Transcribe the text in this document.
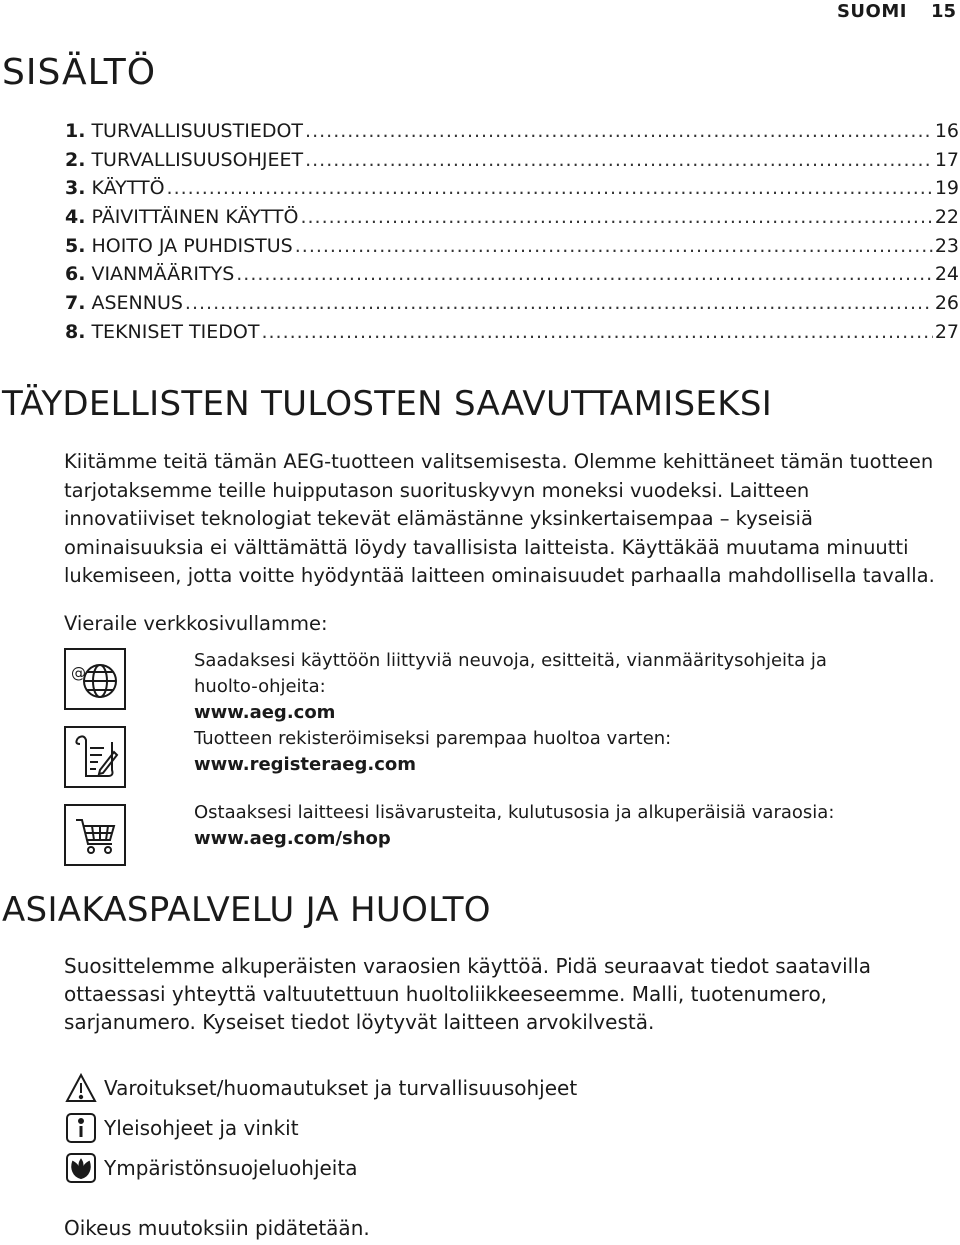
SUOMI 15
SISÄLTÖ
1. TURVALLISUUSTIEDOT .....	16
2. TURVALLISUUSOHJEET .....	17
3. KÄYTTÖ .....	19
4. PÄIVITTÄINEN KÄYTTÖ .....	22
5. HOITO JA PUHDISTUS .....	23
6. VIANMÄÄRITYS .....	24
7. ASENNUS .....	26
8. TEKNISET TIEDOT .....	27
TÄYDELLISTEN TULOSTEN SAAVUTTAMISEKSI

Kiitämme teitä tämän AEG-tuotteen valitsemisesta. Olemme kehittäneet tämän tuotteen tarjotaksemme teille huipputason suorituskyvyn moneksi vuodeksi. Laitteen innovatiiviset teknologiat tekevät elämästänne yksinkertaisempaa – kyseisiä ominaisuuksia ei välttämättä löydy tavallisista laitteista. Käyttäkää muutama minuutti lukemiseen, jotta voitte hyödyntää laitteen ominaisuudet parhaalla mahdollisella tavalla.

Vieraile verkkosivullamme:

@
Saadaksesi käyttöön liittyviä neuvoja, esitteitä, vianmääritysohjeita ja huolto-ohjeita:
www.aeg.com
Tuotteen rekisteröimiseksi parempaa huoltoa varten:
www.registeraeg.com
Ostaaksesi laitteesi lisävarusteita, kulutusosia ja alkuperäisiä varaosia:
www.aeg.com/shop
ASIAKASPALVELU JA HUOLTO

Suosittelemme alkuperäisten varaosien käyttöä. Pidä seuraavat tiedot saatavilla ottaessasi yhteyttä valtuutettuun huoltoliikkeeseemme. Malli, tuotenumero, sarjanumero. Kyseiset tiedot löytyvät laitteen arvokilvestä.

Varoitukset/huomautukset ja turvallisuusohjeet
Yleisohjeet ja vinkit
Ympäristönsuojeluohjeita

Oikeus muutoksiin pidätetään.
